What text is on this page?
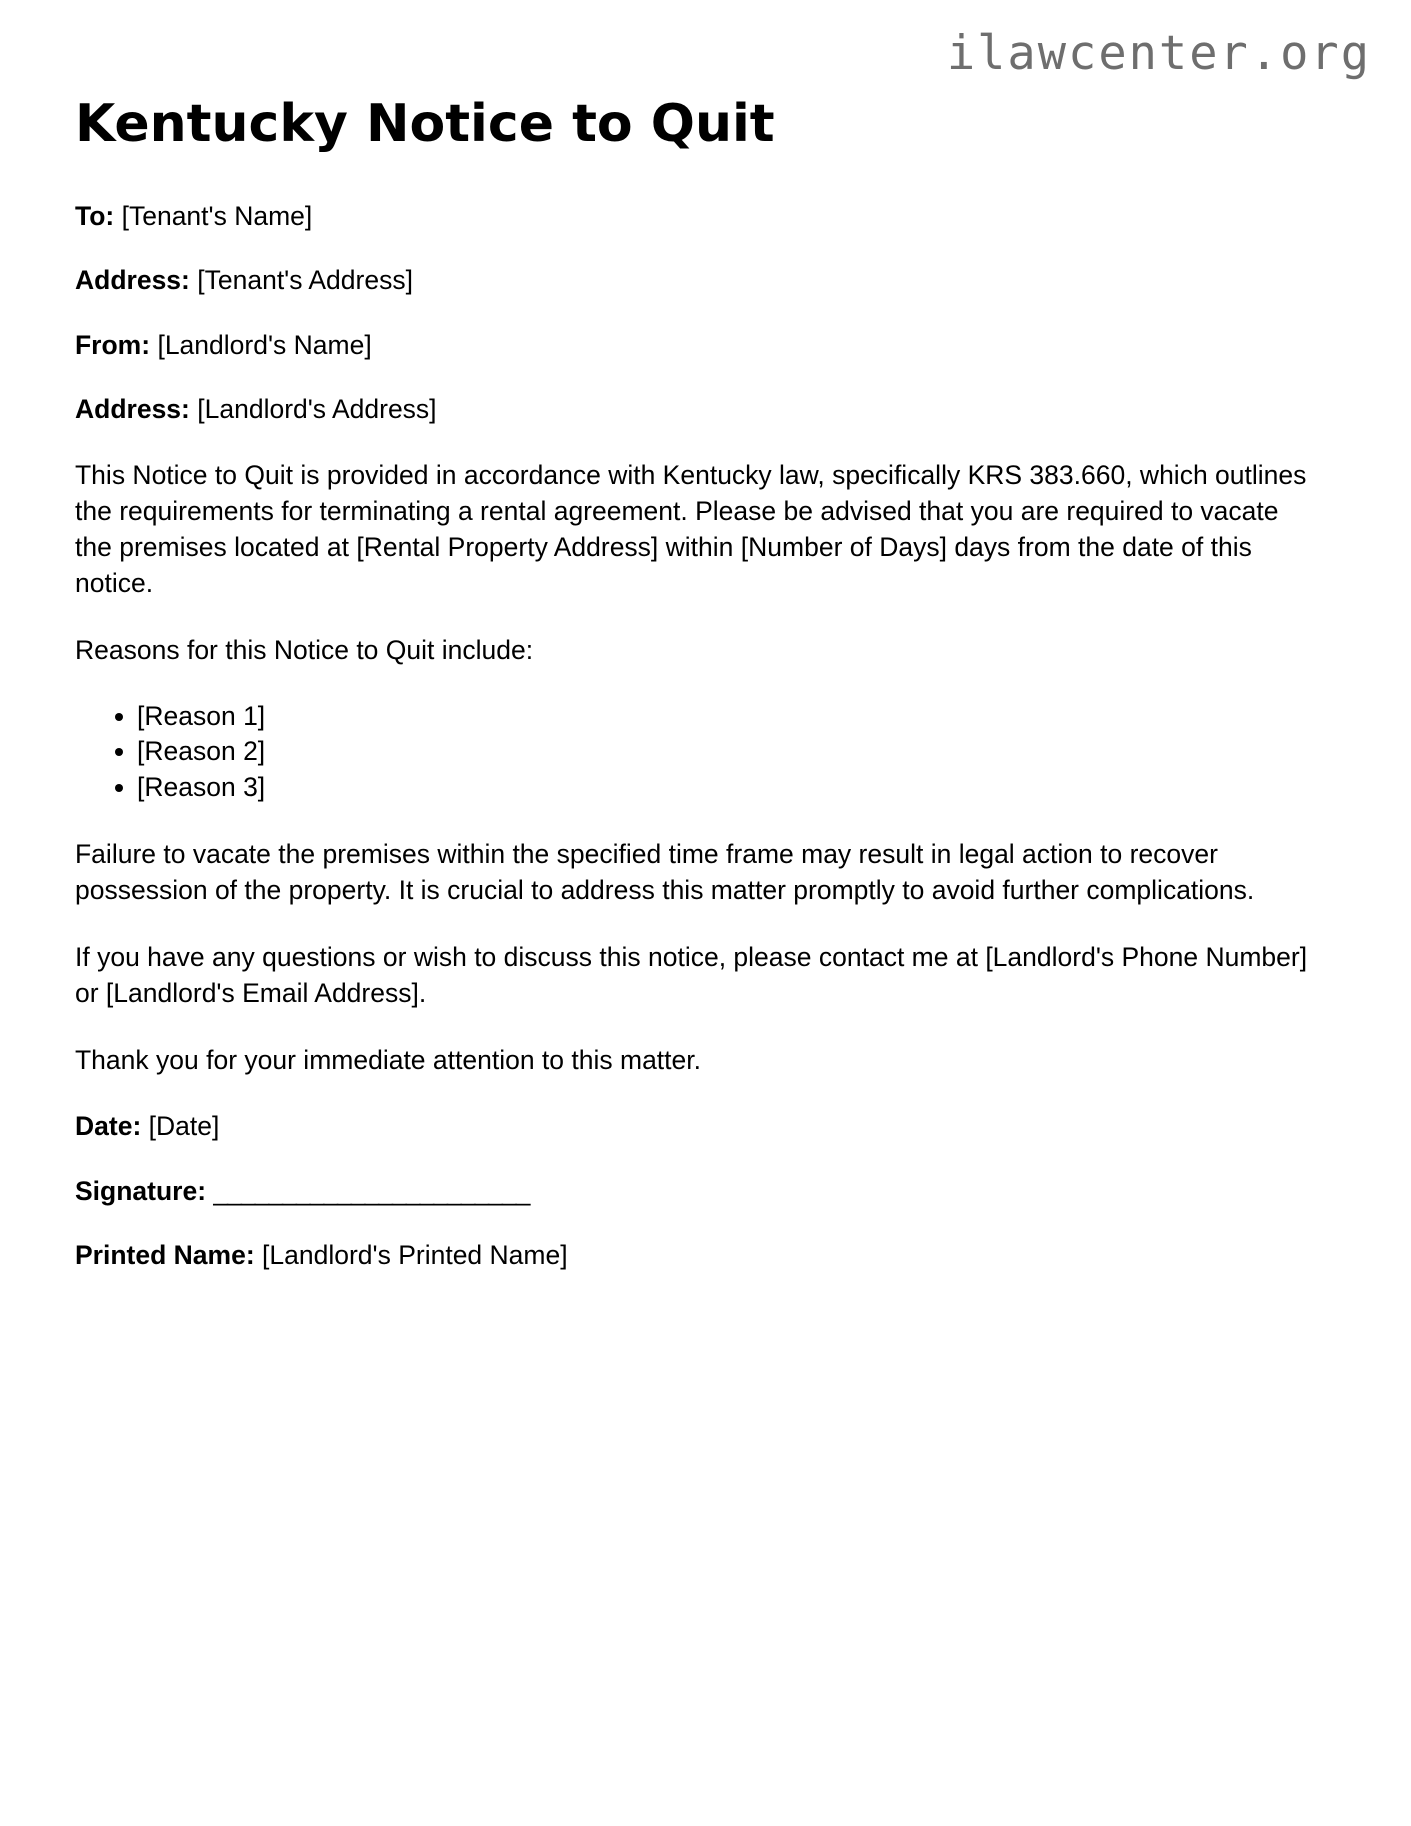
ilawcenter.org
Kentucky Notice to Quit

To: [Tenant's Name]

Address: [Tenant's Address]

From: [Landlord's Name]

Address: [Landlord's Address]

This Notice to Quit is provided in accordance with Kentucky law, specifically KRS 383.660, which outlines the requirements for terminating a rental agreement. Please be advised that you are required to vacate the premises located at [Rental Property Address] within [Number of Days] days from the date of this notice.

Reasons for this Notice to Quit include:

[Reason 1]
[Reason 2]
[Reason 3]

Failure to vacate the premises within the specified time frame may result in legal action to recover possession of the property. It is crucial to address this matter promptly to avoid further complications.

If you have any questions or wish to discuss this notice, please contact me at [Landlord's Phone Number] or [Landlord's Email Address].

Thank you for your immediate attention to this matter.

Date: [Date]

Signature: _______________________

Printed Name: [Landlord's Printed Name]
